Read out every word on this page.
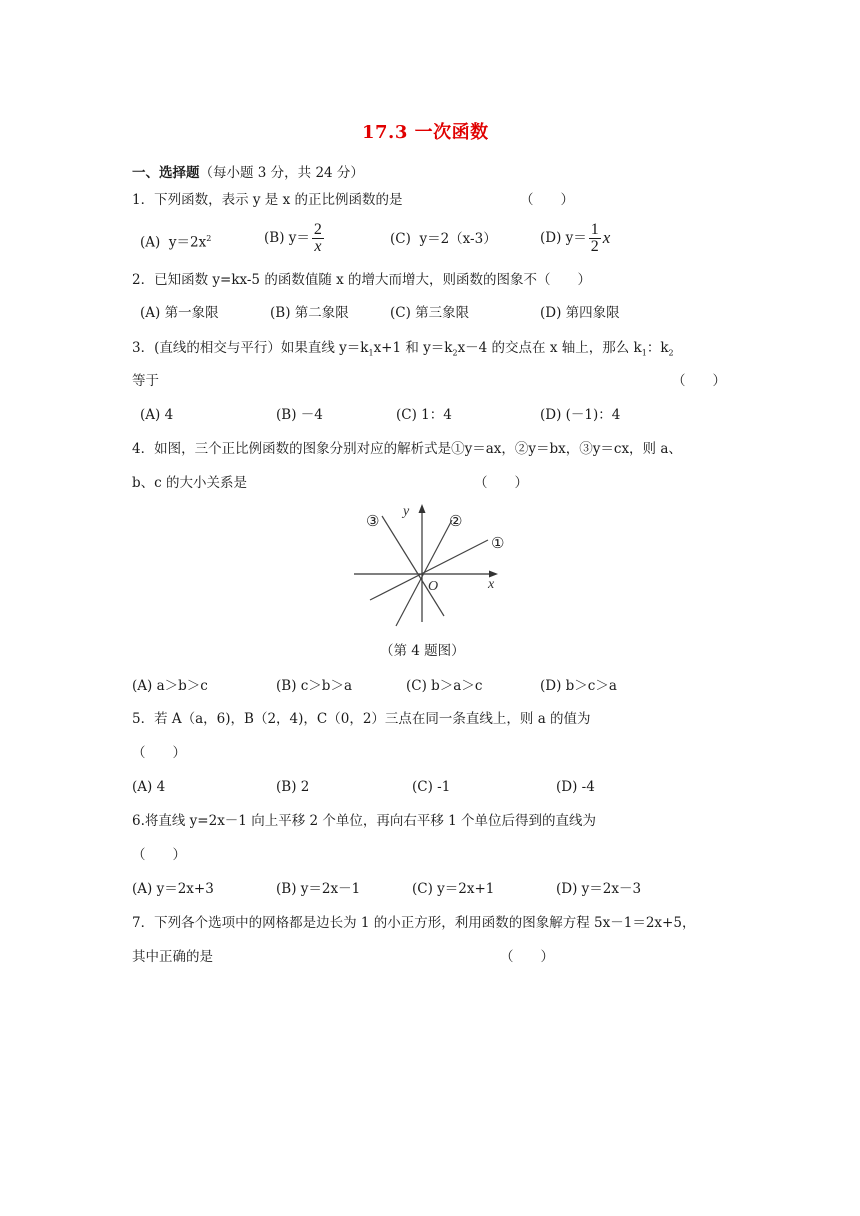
17.3 一次函数
一、选择题（每小题 3 分，共 24 分）
1．下列函数，表示 y 是 x 的正比例函数的是	（　　）
(A) $y=2x^2$	(B)
$y= \frac{2}{x}$	(C) y＝2（x-3）	(D)
$y= \frac{1}{2}$ x
2．已知函数 y=kx-5 的函数值随 x 的增大而增大，则函数的图象不（　　）
(A) 第一象限	(B) 第二象限	(C) 第三象限	(D) 第四象限
3．(直线的相交与平行）如果直线 $y=k_1x+1$ 和 $y=k_2x-4$ 的交点在 x 轴上，那么 $k_1$：$k_2$
等于	（　　）
(A) 4	(B) －4	(C) 1：4	(D) (－1)：4
4．如图，三个正比例函数的图象分别对应的解析式是①y＝ax，②y＝bx，③y＝cx，则 a、
b、c 的大小关系是	（　　）
③	②
①
y
x
O
（第 4 题图）
(A) a＞b＞c	(B) c＞b＞a	(C) b＞a＞c	(D) b＞c＞a
5．若 A（a，6)，B（2，4)，C（0，2）三点在同一条直线上，则 a 的值为
（　　）
(A) 4	(B) 2	(C) -1	(D) -4
6.将直线 y=2x－1 向上平移 2 个单位，再向右平移 1 个单位后得到的直线为
（　　）
(A) y＝2x+3	(B) y＝2x－1	(C) y＝2x+1	(D) y＝2x－3
7．下列各个选项中的网格都是边长为 1 的小正方形，利用函数的图象解方程 5x－1＝2x+5，
其中正确的是	（　　）
